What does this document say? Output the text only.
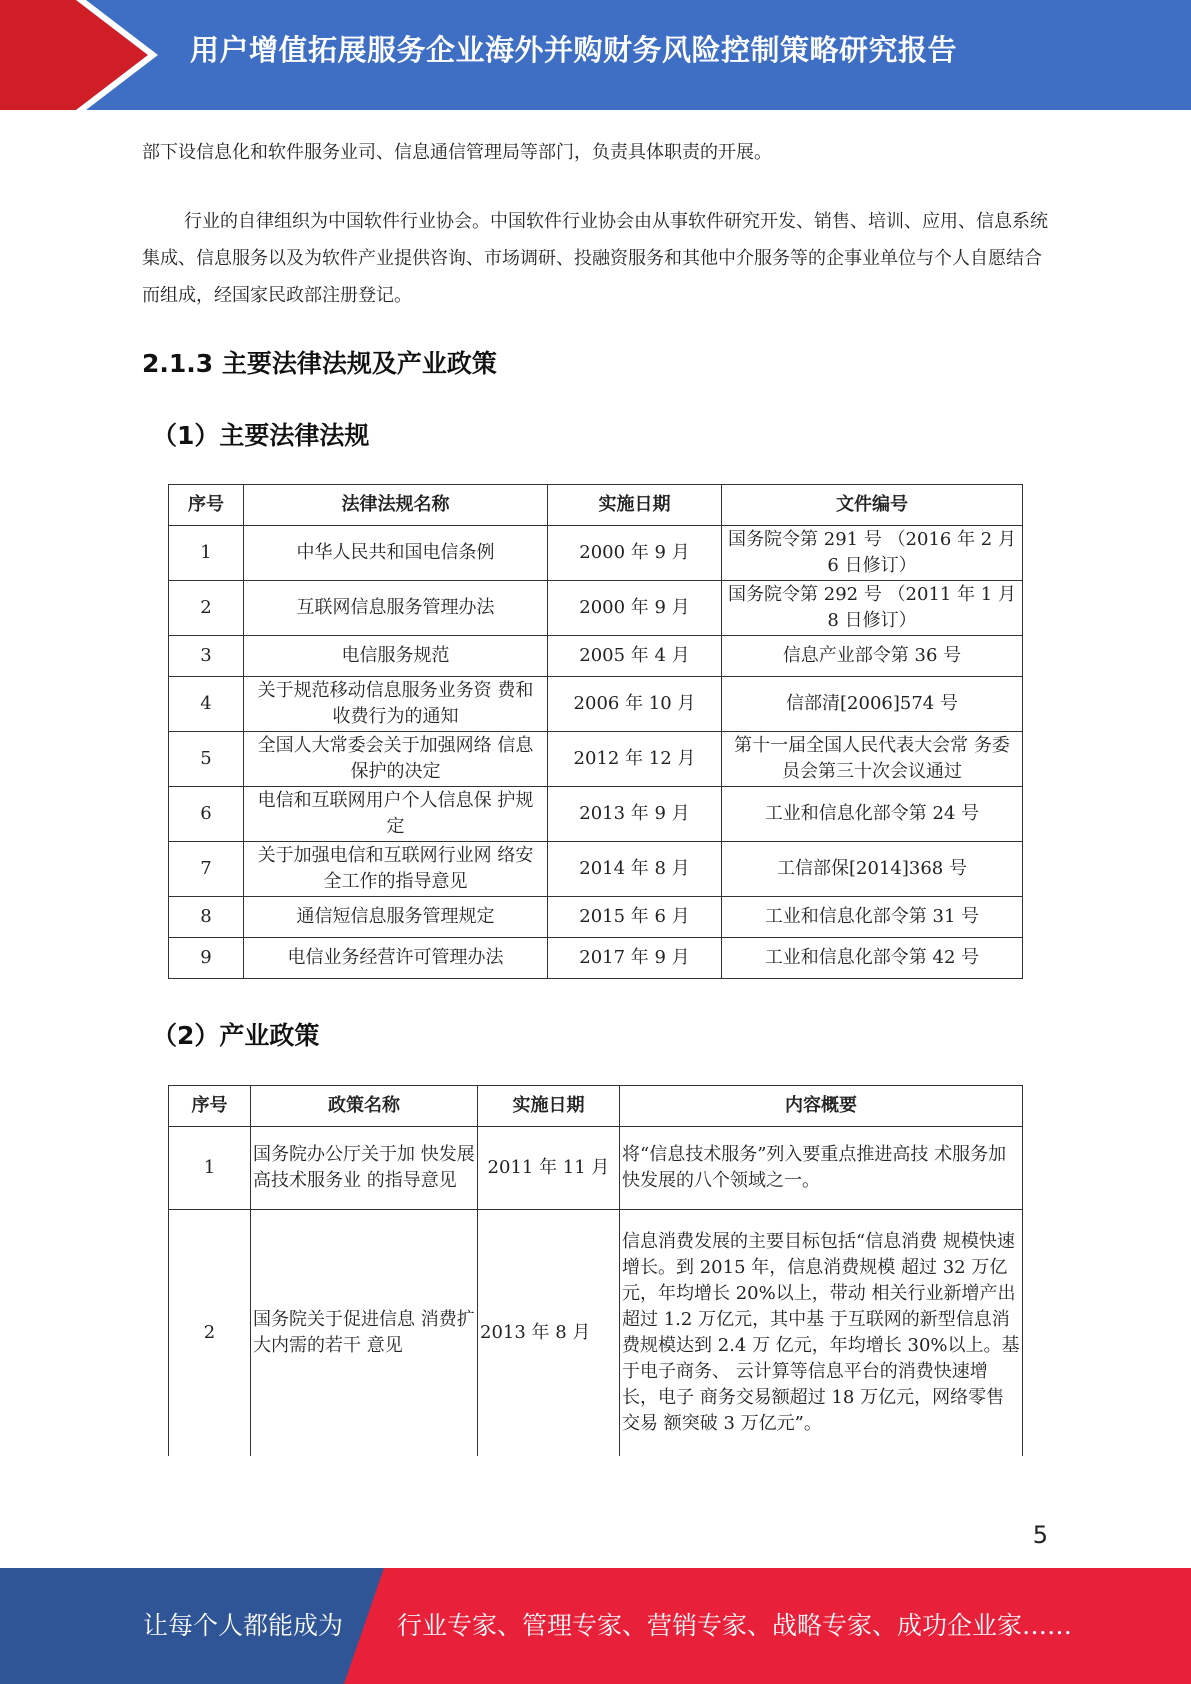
用户增值拓展服务企业海外并购财务风险控制策略研究报告
部下设信息化和软件服务业司、信息通信管理局等部门，负责具体职责的开展。
行业的自律组织为中国软件行业协会。中国软件行业协会由从事软件研究开发、销售、培训、应用、信息系统集成、信息服务以及为软件产业提供咨询、市场调研、投融资服务和其他中介服务等的企事业单位与个人自愿结合而组成，经国家民政部注册登记。
2.1.3 主要法律法规及产业政策
（1）主要法律法规
序号	法律法规名称	实施日期	文件编号
1	中华人民共和国电信条例	2000 年 9 月	国务院令第 291 号 （2016 年 2 月 6 日修订）
2	互联网信息服务管理办法	2000 年 9 月	国务院令第 292 号 （2011 年 1 月 8 日修订）
3	电信服务规范	2005 年 4 月	信息产业部令第 36 号
4	关于规范移动信息服务业务资 费和收费行为的通知	2006 年 10 月	信部清[2006]574 号
5	全国人大常委会关于加强网络 信息保护的决定	2012 年 12 月	第十一届全国人民代表大会常 务委员会第三十次会议通过
6	电信和互联网用户个人信息保 护规定	2013 年 9 月	工业和信息化部令第 24 号
7	关于加强电信和互联网行业网 络安全工作的指导意见	2014 年 8 月	工信部保[2014]368 号
8	通信短信息服务管理规定	2015 年 6 月	工业和信息化部令第 31 号
9	电信业务经营许可管理办法	2017 年 9 月	工业和信息化部令第 42 号
（2）产业政策
序号	政策名称	实施日期	内容概要
1	国务院办公厅关于加 快发展高技术服务业 的指导意见	2011 年 11 月	将“信息技术服务”列入要重点推进高技 术服务加快发展的八个领域之一。
2	国务院关于促进信息 消费扩大内需的若干 意见	2013 年 8 月	信息消费发展的主要目标包括“信息消费 规模快速增长。到 2015 年，信息消费规模 超过 32 万亿元，年均增长 20%以上，带动 相关行业新增产出超过 1.2 万亿元，其中基 于互联网的新型信息消费规模达到 2.4 万 亿元，年均增长 30%以上。基于电子商务、 云计算等信息平台的消费快速增长，电子 商务交易额超过 18 万亿元，网络零售交易 额突破 3 万亿元”。
5
让每个人都能成为 行业专家、管理专家、营销专家、战略专家、成功企业家……
